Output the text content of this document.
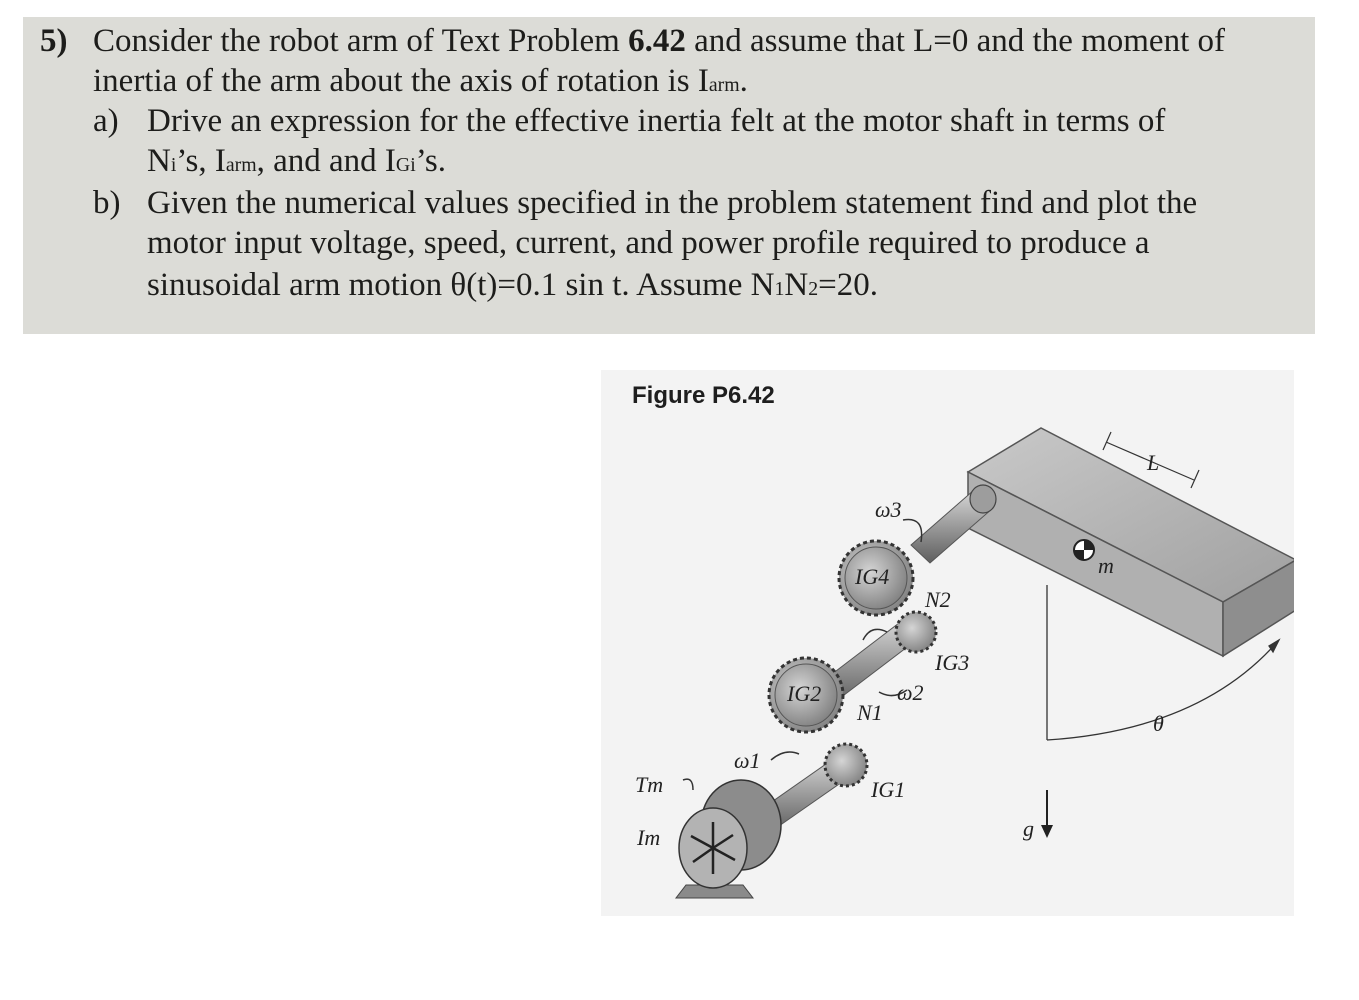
5) Consider the robot arm of Text Problem 6.42 and assume that L=0 and the moment of
inertia of the arm about the axis of rotation is Iarm.
a) Drive an expression for the effective inertia felt at the motor shaft in terms of
Ni’s, Iarm, and and IGi’s.
b) Given the numerical values specified in the problem statement find and plot the
motor input voltage, speed, current, and power profile required to produce a
sinusoidal arm motion θ(t)=0.1 sin t. Assume N1N2=20.
Figure P6.42
ω3
IG4
N2
IG3
IG2	ω2
N1
ω1
Tm
Im
IG1
m
L
θ
g
